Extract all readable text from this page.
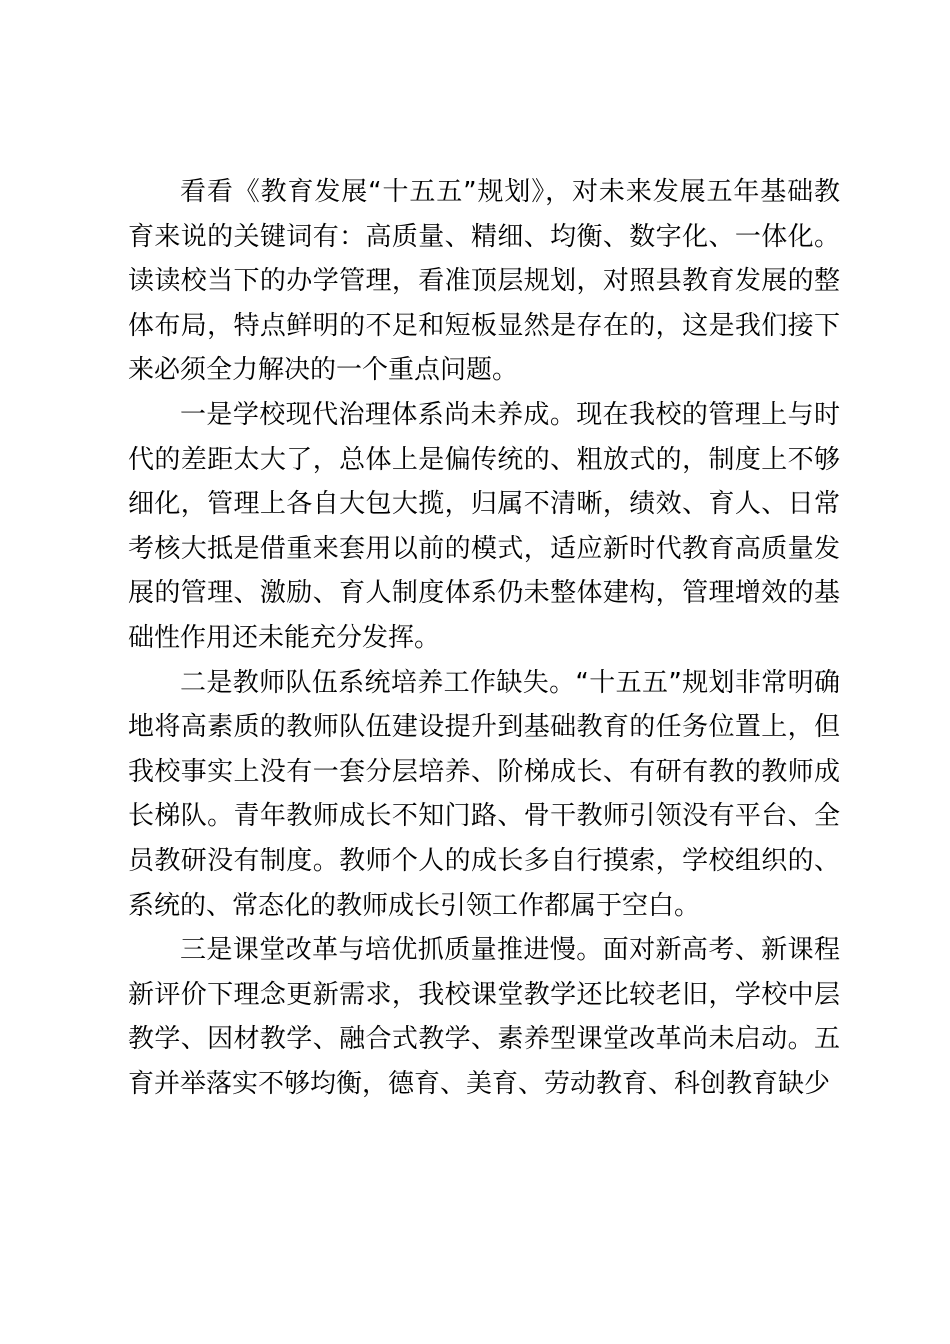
看看《教育发展“十五五”规划》，对未来发展五年基础教育来说的关键词有：高质量、精细、均衡、数字化、一体化。读读校当下的办学管理，看准顶层规划，对照县教育发展的整体布局，特点鲜明的不足和短板显然是存在的，这是我们接下来必须全力解决的一个重点问题。

一是学校现代治理体系尚未养成。现在我校的管理上与时代的差距太大了，总体上是偏传统的、粗放式的，制度上不够细化，管理上各自大包大揽，归属不清晰，绩效、育人、日常考核大抵是借重来套用以前的模式，适应新时代教育高质量发展的管理、激励、育人制度体系仍未整体建构，管理增效的基础性作用还未能充分发挥。

二是教师队伍系统培养工作缺失。“十五五”规划非常明确地将高素质的教师队伍建设提升到基础教育的任务位置上，但我校事实上没有一套分层培养、阶梯成长、有研有教的教师成长梯队。青年教师成长不知门路、骨干教师引领没有平台、全员教研没有制度。教师个人的成长多自行摸索，学校组织的、系统的、常态化的教师成长引领工作都属于空白。

三是课堂改革与培优抓质量推进慢。面对新高考、新课程新评价下理念更新需求，我校课堂教学还比较老旧，学校中层教学、因材教学、融合式教学、素养型课堂改革尚未启动。五育并举落实不够均衡，德育、美育、劳动教育、科创教育缺少
